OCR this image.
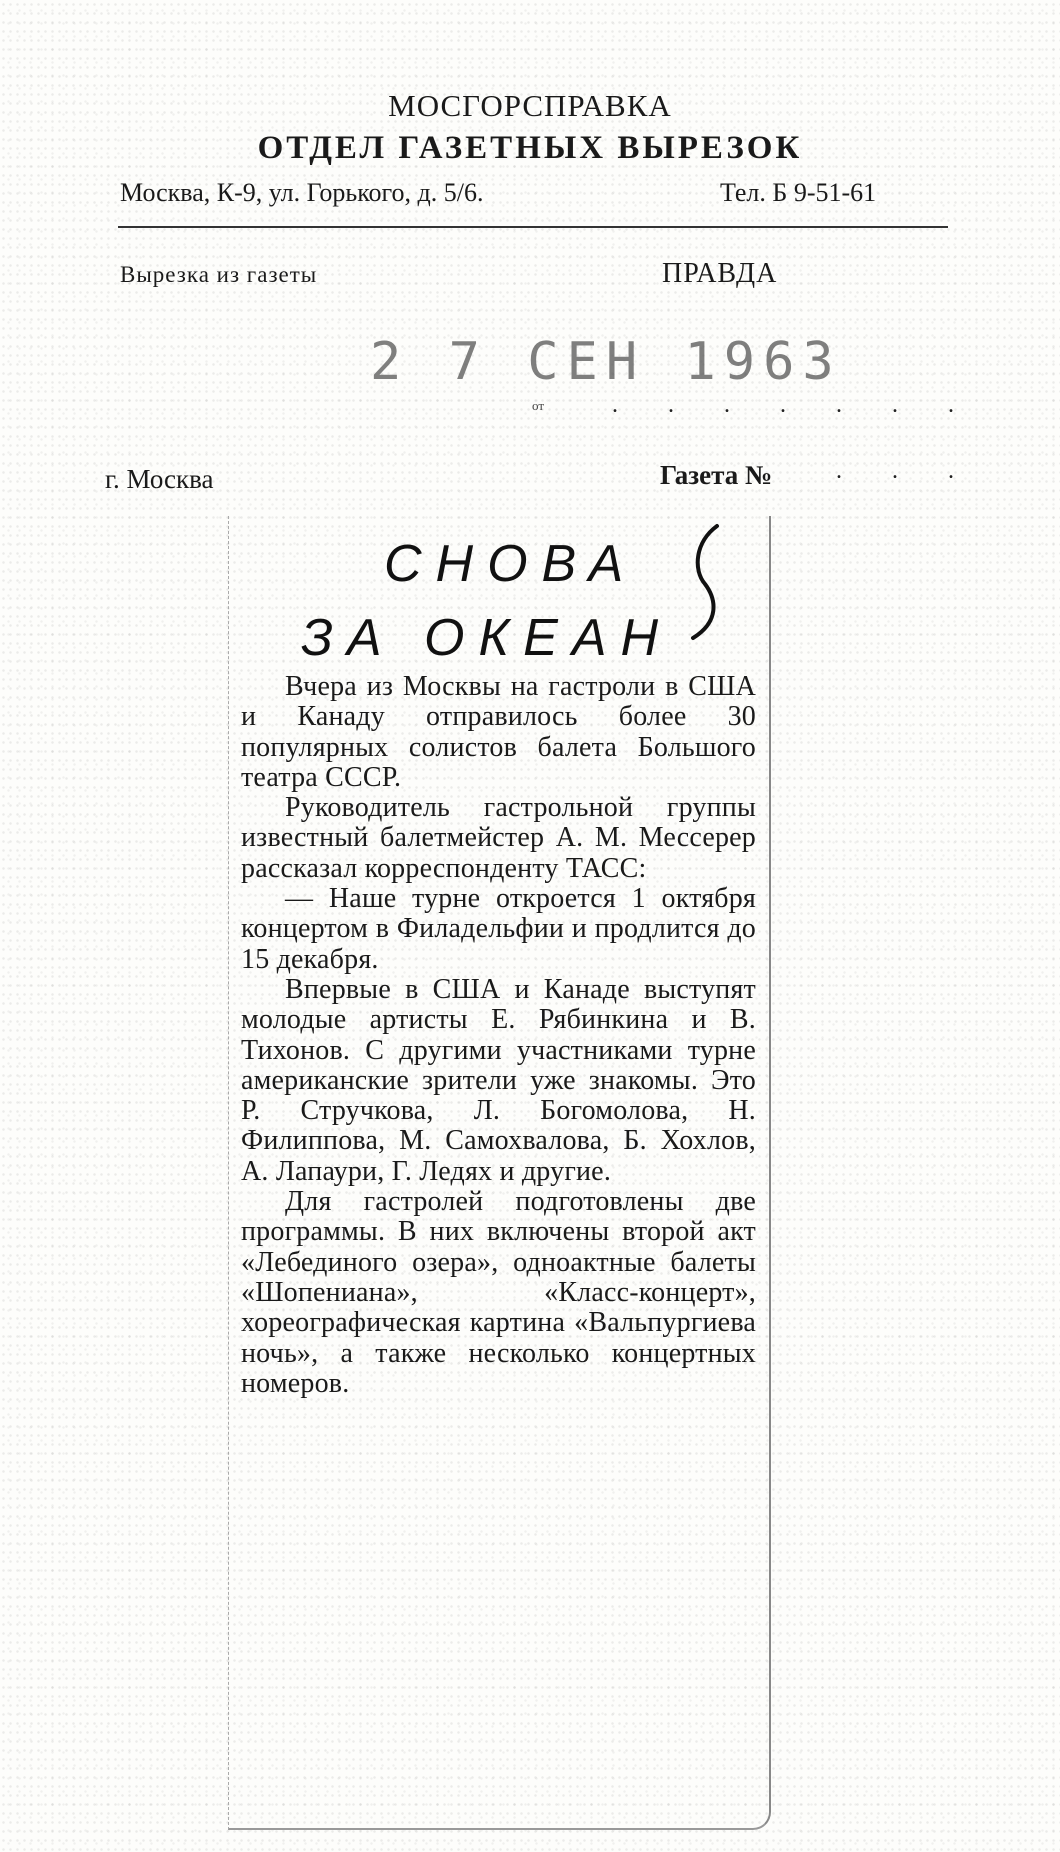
МОСГОРСПРАВКА
ОТДЕЛ ГАЗЕТНЫХ ВЫРЕЗОК
Москва, К-9, ул. Горького, д. 5/6.	Тел. Б 9-51-61
Вырезка из газеты	ПРАВДА
2 7 СЕН 1963
от	. . . . . . .
г. Москва	Газета №	. . .
СНОВА
ЗА ОКЕАН

Вчера из Москвы на гастроли в США и Канаду отправилось более 30 популярных солистов балета Большого театра СССР.

Руководитель гастрольной группы известный балетмейстер А. М. Мессерер рассказал корреспонденту ТАСС:

— Наше турне откроется 1 октября концертом в Филадельфии и продлится до 15 декабря.

Впервые в США и Канаде выступят молодые артисты Е. Рябинкина и В. Тихонов. С другими участниками турне американские зрители уже знакомы. Это Р. Стручкова, Л. Богомолова, Н. Филиппова, М. Самохвалова, Б. Хохлов, А. Лапаури, Г. Ледях и другие.

Для гастролей подготовлены две программы. В них включены второй акт «Лебединого озера», одноактные балеты «Шопениана», «Класс-концерт», хореографическая картина «Вальпургиева ночь», а также несколько концертных номеров.
